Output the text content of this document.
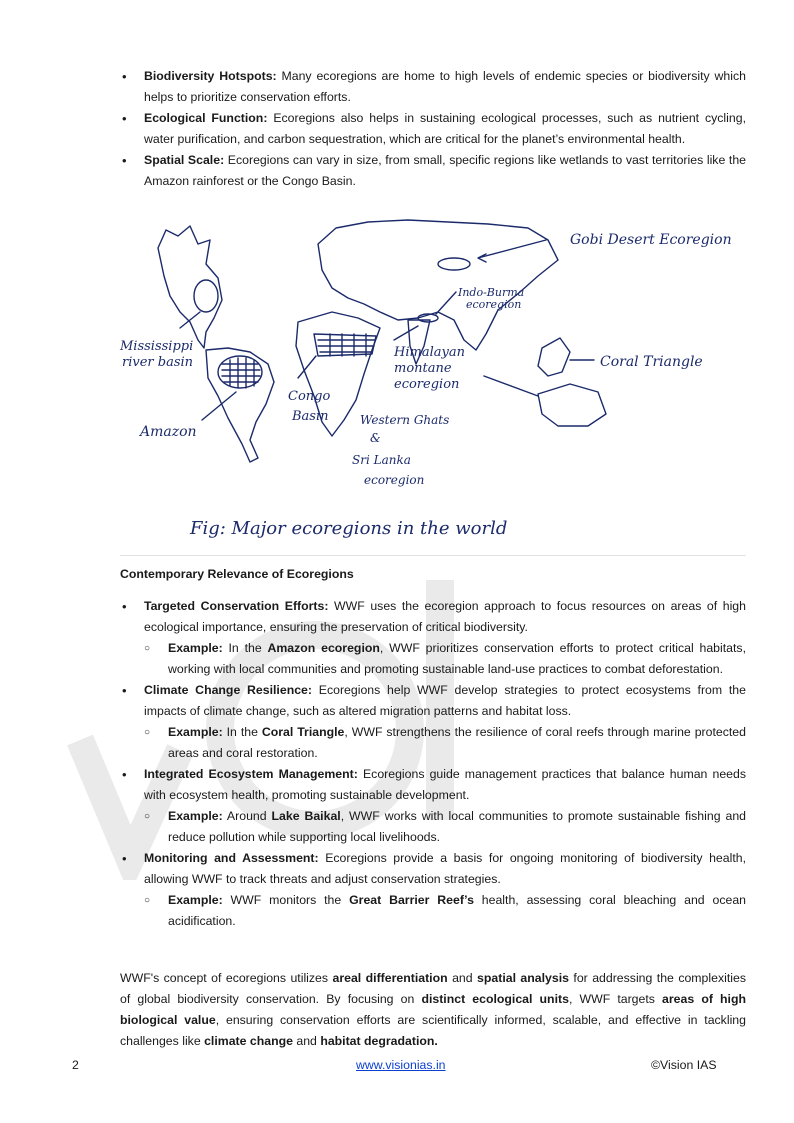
• Biodiversity Hotspots: Many ecoregions are home to high levels of endemic species or biodiversity which helps to prioritize conservation efforts.
• Ecological Function: Ecoregions also helps in sustaining ecological processes, such as nutrient cycling, water purification, and carbon sequestration, which are critical for the planet’s environmental health.
• Spatial Scale: Ecoregions can vary in size, from small, specific regions like wetlands to vast territories like the Amazon rainforest or the Congo Basin.
Gobi Desert Ecoregion
Indo-Burma
ecoregion
Mississippi
river basin	Coral Triangle
Himalayan
montane
ecoregion
Congo
Basin
Amazon
Western Ghats
&
Sri Lanka
ecoregion
Fig: Major ecoregions in the world
Contemporary Relevance of Ecoregions
• Targeted Conservation Efforts: WWF uses the ecoregion approach to focus resources on areas of high ecological importance, ensuring the preservation of critical biodiversity.
○ Example: In the Amazon ecoregion, WWF prioritizes conservation efforts to protect critical habitats, working with local communities and promoting sustainable land-use practices to combat deforestation.
• Climate Change Resilience: Ecoregions help WWF develop strategies to protect ecosystems from the impacts of climate change, such as altered migration patterns and habitat loss.
○ Example: In the Coral Triangle, WWF strengthens the resilience of coral reefs through marine protected areas and coral restoration.
• Integrated Ecosystem Management: Ecoregions guide management practices that balance human needs with ecosystem health, promoting sustainable development.
○ Example: Around Lake Baikal, WWF works with local communities to promote sustainable fishing and reduce pollution while supporting local livelihoods.
• Monitoring and Assessment: Ecoregions provide a basis for ongoing monitoring of biodiversity health, allowing WWF to track threats and adjust conservation strategies.
○ Example: WWF monitors the Great Barrier Reef’s health, assessing coral bleaching and ocean acidification.

WWF's concept of ecoregions utilizes areal differentiation and spatial analysis for addressing the complexities of global biodiversity conservation. By focusing on distinct ecological units, WWF targets areas of high biological value, ensuring conservation efforts are scientifically informed, scalable, and effective in tackling challenges like climate change and habitat degradation.

2	www.visionias.in	©Vision IAS
